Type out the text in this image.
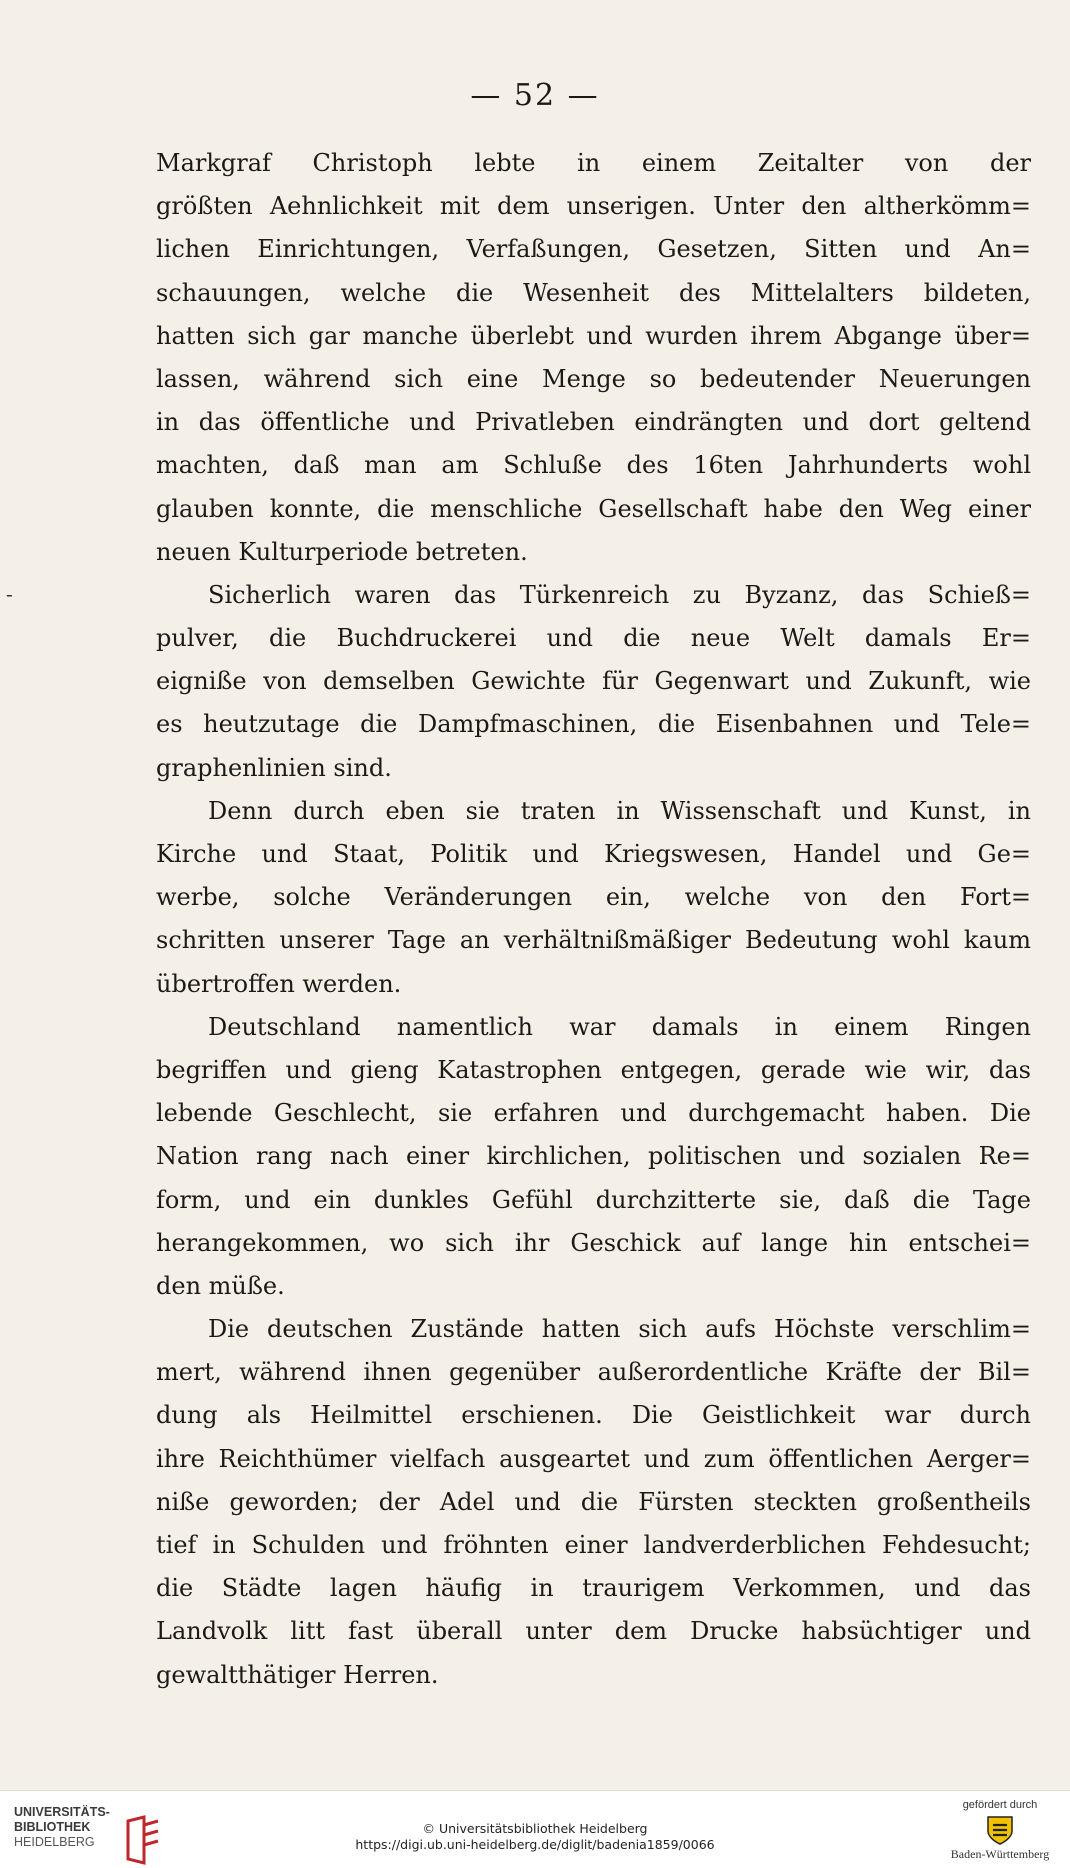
— 52 —
-
Markgraf Christoph lebte in einem Zeitalter von der
größten Aehnlichkeit mit dem unserigen. Unter den altherkömm=
lichen Einrichtungen, Verfaßungen, Gesetzen, Sitten und An=
schauungen, welche die Wesenheit des Mittelalters bildeten,
hatten sich gar manche überlebt und wurden ihrem Abgange über=
lassen, während sich eine Menge so bedeutender Neuerungen
in das öffentliche und Privatleben eindrängten und dort geltend
machten, daß man am Schluße des 16ten Jahrhunderts wohl
glauben konnte, die menschliche Gesellschaft habe den Weg einer
neuen Kulturperiode betreten.
Sicherlich waren das Türkenreich zu Byzanz, das Schieß=
pulver, die Buchdruckerei und die neue Welt damals Er=
eigniße von demselben Gewichte für Gegenwart und Zukunft, wie
es heutzutage die Dampfmaschinen, die Eisenbahnen und Tele=
graphenlinien sind.
Denn durch eben sie traten in Wissenschaft und Kunst, in
Kirche und Staat, Politik und Kriegswesen, Handel und Ge=
werbe, solche Veränderungen ein, welche von den Fort=
schritten unserer Tage an verhältnißmäßiger Bedeutung wohl kaum
übertroffen werden.
Deutschland namentlich war damals in einem Ringen
begriffen und gieng Katastrophen entgegen, gerade wie wir, das
lebende Geschlecht, sie erfahren und durchgemacht haben. Die
Nation rang nach einer kirchlichen, politischen und sozialen Re=
form, und ein dunkles Gefühl durchzitterte sie, daß die Tage
herangekommen, wo sich ihr Geschick auf lange hin entschei=
den müße.
Die deutschen Zustände hatten sich aufs Höchste verschlim=
mert, während ihnen gegenüber außerordentliche Kräfte der Bil=
dung als Heilmittel erschienen. Die Geistlichkeit war durch
ihre Reichthümer vielfach ausgeartet und zum öffentlichen Aerger=
niße geworden; der Adel und die Fürsten steckten großentheils
tief in Schulden und fröhnten einer landverderblichen Fehdesucht;
die Städte lagen häufig in traurigem Verkommen, und das
Landvolk litt fast überall unter dem Drucke habsüchtiger und
gewaltthätiger Herren.
UNIVERSITÄTS-
BIBLIOTHEK
HEIDELBERG
© Universitätsbibliothek Heidelberg
https://digi.ub.uni-heidelberg.de/diglit/badenia1859/0066
gefördert durch
Baden-Württemberg
